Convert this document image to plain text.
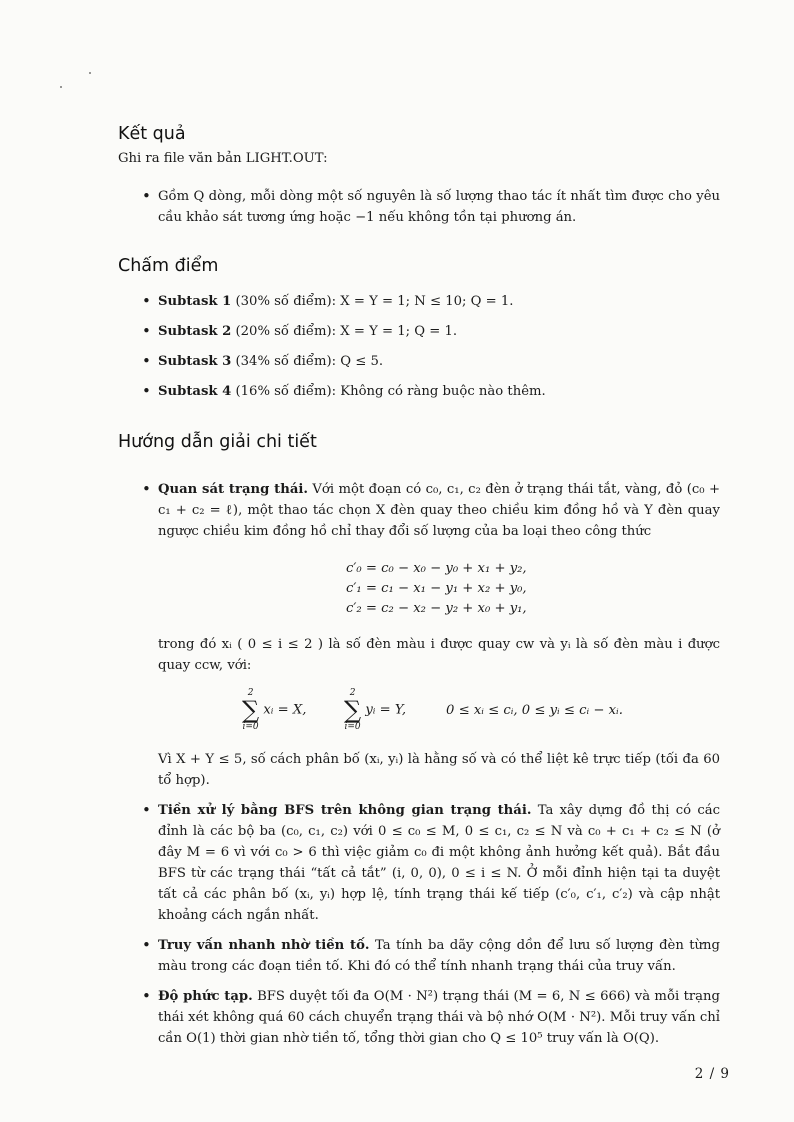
Kết quả

Ghi ra file văn bản LIGHT.OUT:

• Gồm Q dòng, mỗi dòng một số nguyên là số lượng thao tác ít nhất tìm được cho yêu cầu khảo sát tương ứng hoặc −1 nếu không tồn tại phương án.
Chấm điểm
• Subtask 1 (30% số điểm): X = Y = 1; N ≤ 10; Q = 1.
• Subtask 2 (20% số điểm): X = Y = 1; Q = 1.
• Subtask 3 (34% số điểm): Q ≤ 5.
• Subtask 4 (16% số điểm): Không có ràng buộc nào thêm.
Hướng dẫn giải chi tiết
• Quan sát trạng thái. Với một đoạn có c₀, c₁, c₂ đèn ở trạng thái tắt, vàng, đỏ (c₀ + c₁ + c₂ = ℓ), một thao tác chọn X đèn quay theo chiều kim đồng hồ và Y đèn quay ngược chiều kim đồng hồ chỉ thay đổi số lượng của ba loại theo công thức
c′₀ = c₀ − x₀ − y₀ + x₁ + y₂,
c′₁ = c₁ − x₁ − y₁ + x₂ + y₀,
c′₂ = c₂ − x₂ − y₂ + x₀ + y₁,
trong đó xᵢ ( 0 ≤ i ≤ 2 ) là số đèn màu i được quay cw và yᵢ là số đèn màu i được quay ccw, với:
2
∑
i=0
xᵢ = X,
2
∑
i=0
yᵢ = Y,	0 ≤ xᵢ ≤ cᵢ, 0 ≤ yᵢ ≤ cᵢ − xᵢ.
Vì X + Y ≤ 5, số cách phân bố (xᵢ, yᵢ) là hằng số và có thể liệt kê trực tiếp (tối đa 60 tổ hợp).
• Tiền xử lý bằng BFS trên không gian trạng thái. Ta xây dựng đồ thị có các đỉnh là các bộ ba (c₀, c₁, c₂) với 0 ≤ c₀ ≤ M, 0 ≤ c₁, c₂ ≤ N và c₀ + c₁ + c₂ ≤ N (ở đây M = 6 vì với c₀ > 6 thì việc giảm c₀ đi một không ảnh hưởng kết quả). Bắt đầu BFS từ các trạng thái “tất cả tắt” (i, 0, 0), 0 ≤ i ≤ N. Ở mỗi đỉnh hiện tại ta duyệt tất cả các phân bố (xᵢ, yᵢ) hợp lệ, tính trạng thái kế tiếp (c′₀, c′₁, c′₂) và cập nhật khoảng cách ngắn nhất.
• Truy vấn nhanh nhờ tiền tố. Ta tính ba dãy cộng dồn để lưu số lượng đèn từng màu trong các đoạn tiền tố. Khi đó có thể tính nhanh trạng thái của truy vấn.
• Độ phức tạp. BFS duyệt tối đa O(M · N²) trạng thái (M = 6, N ≤ 666) và mỗi trạng thái xét không quá 60 cách chuyển trạng thái và bộ nhớ O(M · N²). Mỗi truy vấn chỉ cần O(1) thời gian nhờ tiền tố, tổng thời gian cho Q ≤ 10⁵ truy vấn là O(Q).
2 / 9
